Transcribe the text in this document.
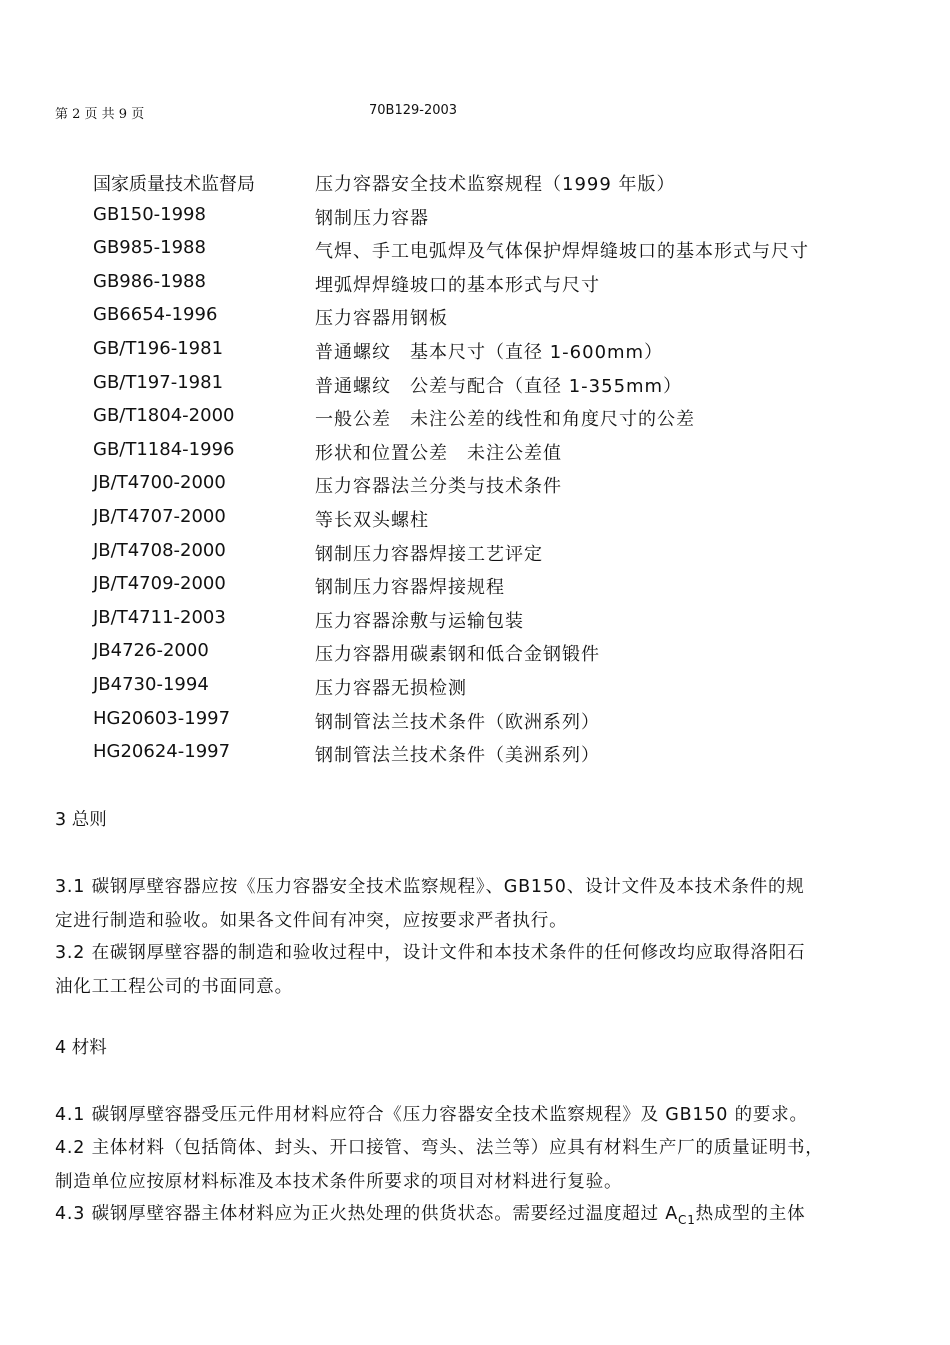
第 2 页 共 9 页	70B129-2003
国家质量技术监督局	压力容器安全技术监察规程（1999 年版）
GB150-1998	钢制压力容器
GB985-1988	气焊、手工电弧焊及气体保护焊焊缝坡口的基本形式与尺寸
GB986-1988	埋弧焊焊缝坡口的基本形式与尺寸
GB6654-1996	压力容器用钢板
GB/T196-1981	普通螺纹　基本尺寸（直径 1-600mm）
GB/T197-1981	普通螺纹　公差与配合（直径 1-355mm）
GB/T1804-2000	一般公差　未注公差的线性和角度尺寸的公差
GB/T1184-1996	形状和位置公差　未注公差值
JB/T4700-2000	压力容器法兰分类与技术条件
JB/T4707-2000	等长双头螺柱
JB/T4708-2000	钢制压力容器焊接工艺评定
JB/T4709-2000	钢制压力容器焊接规程
JB/T4711-2003	压力容器涂敷与运输包装
JB4726-2000	压力容器用碳素钢和低合金钢锻件
JB4730-1994	压力容器无损检测
HG20603-1997	钢制管法兰技术条件（欧洲系列）
HG20624-1997	钢制管法兰技术条件（美洲系列）
3 总则
3.1 碳钢厚壁容器应按《压力容器安全技术监察规程》、GB150、设计文件及本技术条件的规
定进行制造和验收。如果各文件间有冲突，应按要求严者执行。
3.2 在碳钢厚壁容器的制造和验收过程中，设计文件和本技术条件的任何修改均应取得洛阳石
油化工工程公司的书面同意。
4 材料
4.1 碳钢厚壁容器受压元件用材料应符合《压力容器安全技术监察规程》及 GB150 的要求。
4.2 主体材料（包括筒体、封头、开口接管、弯头、法兰等）应具有材料生产厂的质量证明书，
制造单位应按原材料标准及本技术条件所要求的项目对材料进行复验。
4.3 碳钢厚壁容器主体材料应为正火热处理的供货状态。需要经过温度超过 $A_{C1}$热成型的主体
